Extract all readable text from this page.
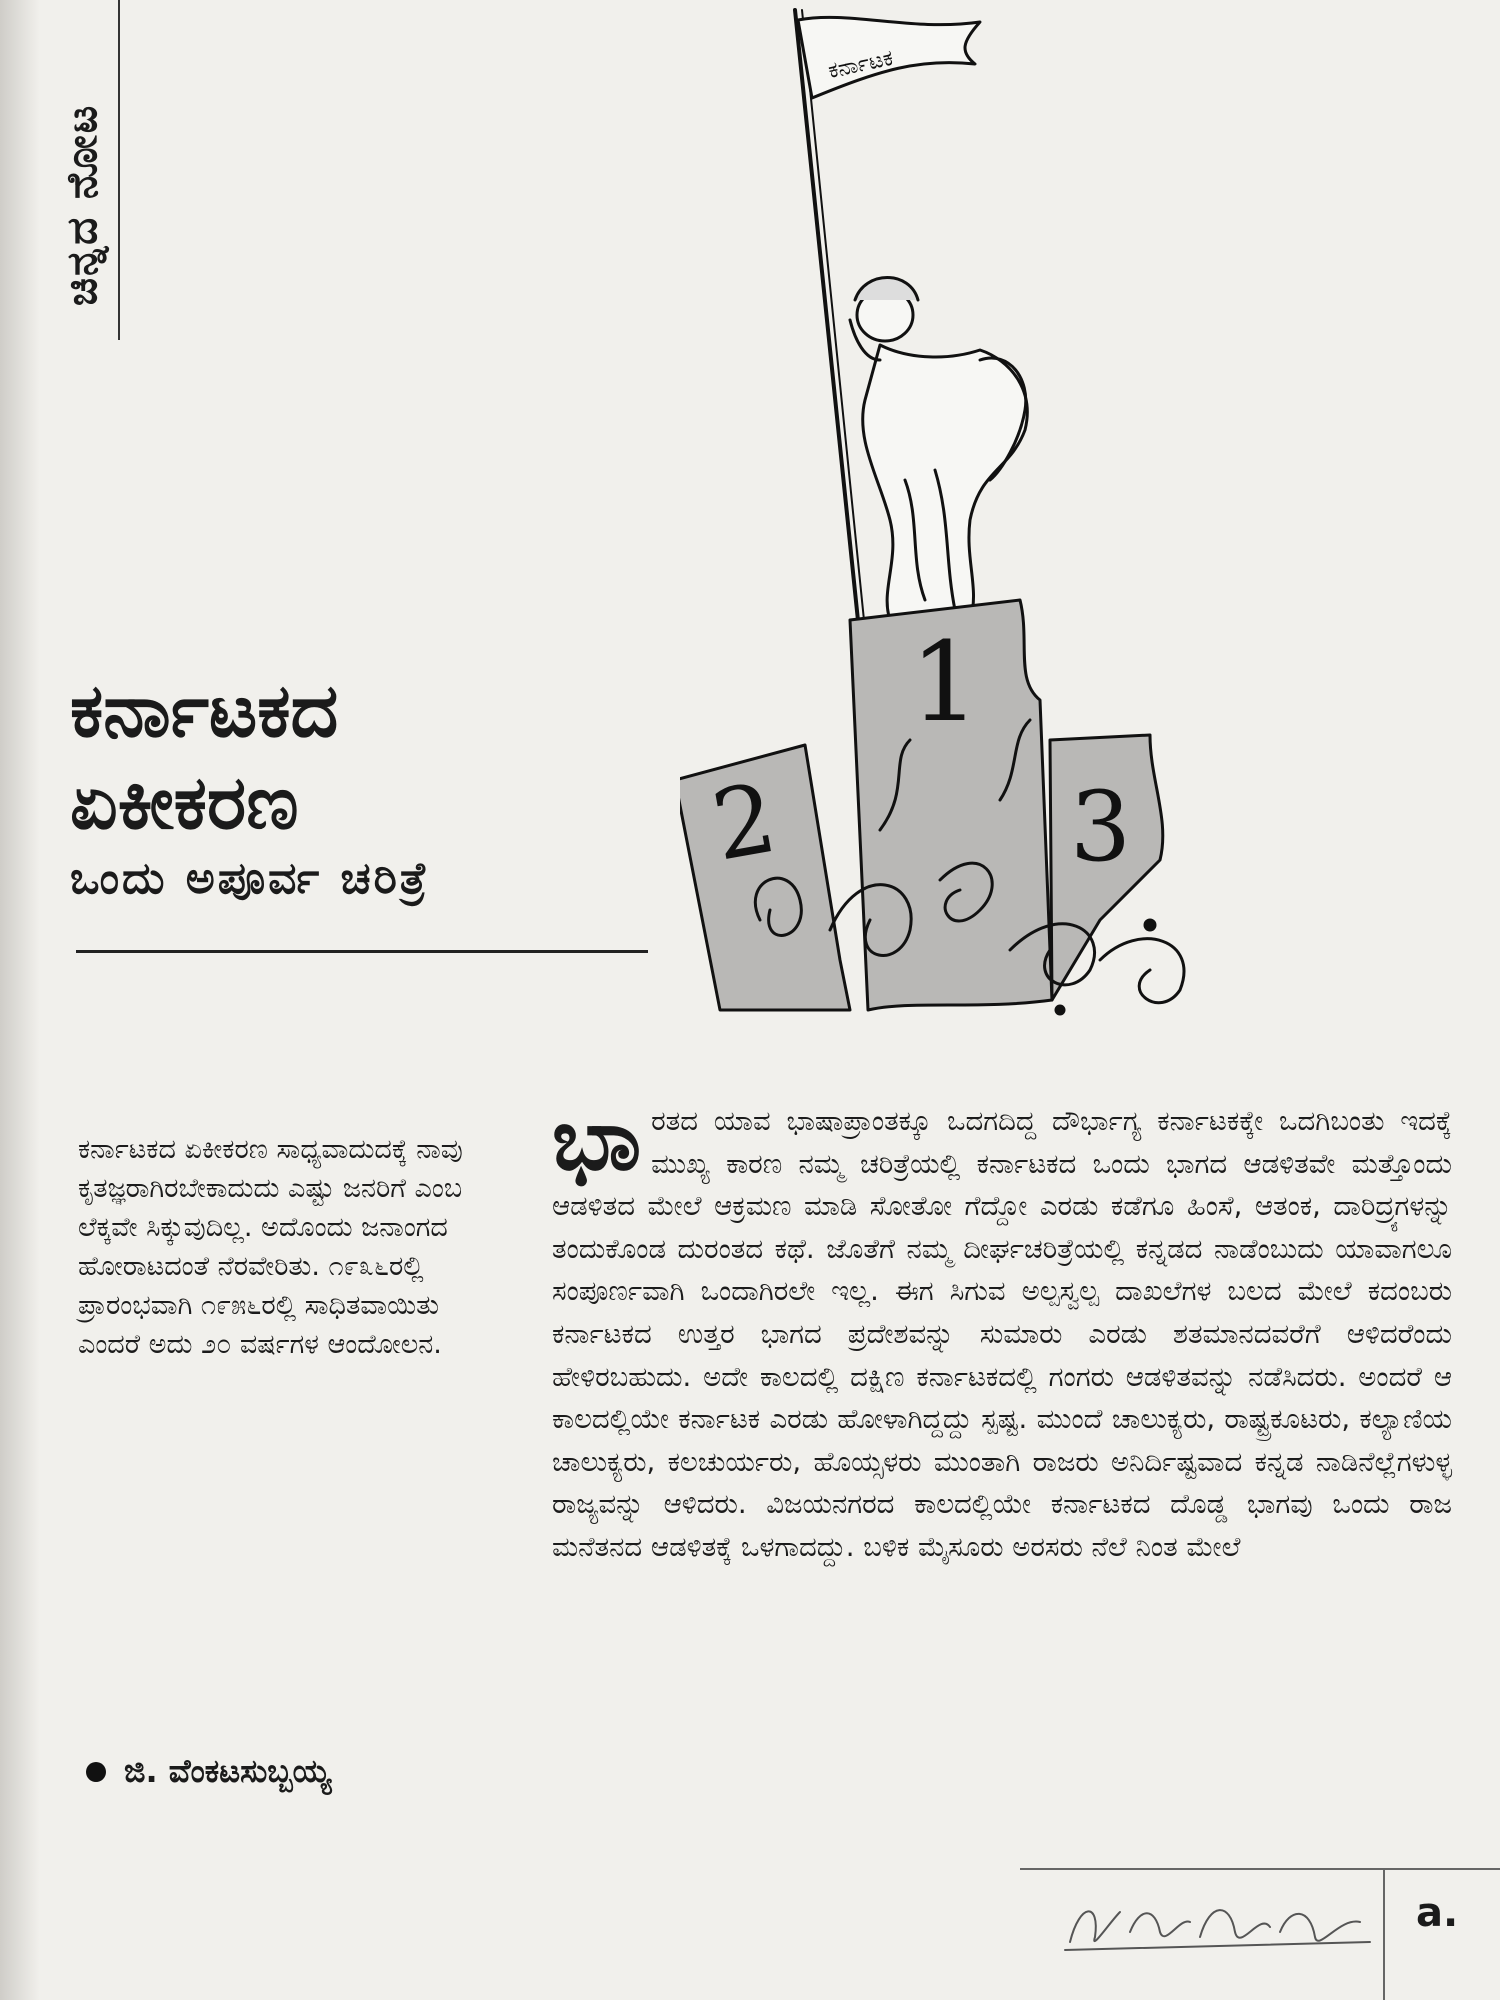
ಚಿನ್ನದ ನೋಟ
ಕರ್ನಾಟಕ
1
2	3
ಕರ್ನಾಟಕದ
ಏಕೀಕರಣ
ಒಂದು ಅಪೂರ್ವ ಚರಿತ್ರೆ

ಕರ್ನಾಟಕದ ಏಕೀಕರಣ ಸಾಧ್ಯವಾದುದಕ್ಕೆ ನಾವು ಕೃತಜ್ಞರಾಗಿರಬೇಕಾದುದು ಎಷ್ಟು ಜನರಿಗೆ ಎಂಬ ಲೆಕ್ಕವೇ ಸಿಕ್ಕುವುದಿಲ್ಲ. ಅದೊಂದು ಜನಾಂಗದ ಹೋರಾಟದಂತೆ ನೆರವೇರಿತು. ೧೯೩೬ರಲ್ಲಿ ಪ್ರಾರಂಭವಾಗಿ ೧೯೫೬ರಲ್ಲಿ ಸಾಧಿತವಾಯಿತು ಎಂದರೆ ಅದು ೨೦ ವರ್ಷಗಳ ಆಂದೋಲನ.

ಜಿ. ವೆಂಕಟಸುಬ್ಬಯ್ಯ

ಭಾರತದ ಯಾವ ಭಾಷಾಪ್ರಾಂತಕ್ಕೂ ಒದಗದಿದ್ದ ದೌರ್ಭಾಗ್ಯ ಕರ್ನಾಟಕಕ್ಕೇ ಒದಗಿಬಂತು ಇದಕ್ಕೆ ಮುಖ್ಯ ಕಾರಣ ನಮ್ಮ ಚರಿತ್ರೆಯಲ್ಲಿ ಕರ್ನಾಟಕದ ಒಂದು ಭಾಗದ ಆಡಳಿತವೇ ಮತ್ತೊಂದು ಆಡಳಿತದ ಮೇಲೆ ಆಕ್ರಮಣ ಮಾಡಿ ಸೋತೋ ಗೆದ್ದೋ ಎರಡು ಕಡೆಗೂ ಹಿಂಸೆ, ಆತಂಕ, ದಾರಿದ್ರ್ಯಗಳನ್ನು ತಂದುಕೊಂಡ ದುರಂತದ ಕಥೆ. ಜೊತೆಗೆ ನಮ್ಮ ದೀರ್ಘಚರಿತ್ರೆಯಲ್ಲಿ ಕನ್ನಡದ ನಾಡೆಂಬುದು ಯಾವಾಗಲೂ ಸಂಪೂರ್ಣವಾಗಿ ಒಂದಾಗಿರಲೇ ಇಲ್ಲ. ಈಗ ಸಿಗುವ ಅಲ್ಪಸ್ವಲ್ಪ ದಾಖಲೆಗಳ ಬಲದ ಮೇಲೆ ಕದಂಬರು ಕರ್ನಾಟಕದ ಉತ್ತರ ಭಾಗದ ಪ್ರದೇಶವನ್ನು ಸುಮಾರು ಎರಡು ಶತಮಾನದವರೆಗೆ ಆಳಿದರೆಂದು ಹೇಳಿರಬಹುದು. ಅದೇ ಕಾಲದಲ್ಲಿ ದಕ್ಷಿಣ ಕರ್ನಾಟಕದಲ್ಲಿ ಗಂಗರು ಆಡಳಿತವನ್ನು ನಡೆಸಿದರು. ಅಂದರೆ ಆ ಕಾಲದಲ್ಲಿಯೇ ಕರ್ನಾಟಕ ಎರಡು ಹೋಳಾಗಿದ್ದದ್ದು ಸ್ಪಷ್ಟ. ಮುಂದೆ ಚಾಲುಕ್ಯರು, ರಾಷ್ಟ್ರಕೂಟರು, ಕಲ್ಯಾಣಿಯ ಚಾಲುಕ್ಯರು, ಕಲಚುರ್ಯರು, ಹೊಯ್ಸಳರು ಮುಂತಾಗಿ ರಾಜರು ಅನಿರ್ದಿಷ್ಟವಾದ ಕನ್ನಡ ನಾಡಿನೆಲ್ಲೆಗಳುಳ್ಳ ರಾಜ್ಯವನ್ನು ಆಳಿದರು. ವಿಜಯನಗರದ ಕಾಲದಲ್ಲಿಯೇ ಕರ್ನಾಟಕದ ದೊಡ್ಡ ಭಾಗವು ಒಂದು ರಾಜ ಮನೆತನದ ಆಡಳಿತಕ್ಕೆ ಒಳಗಾದದ್ದು. ಬಳಿಕ ಮೈಸೂರು ಅರಸರು ನೆಲೆ ನಿಂತ ಮೇಲೆ

a.
